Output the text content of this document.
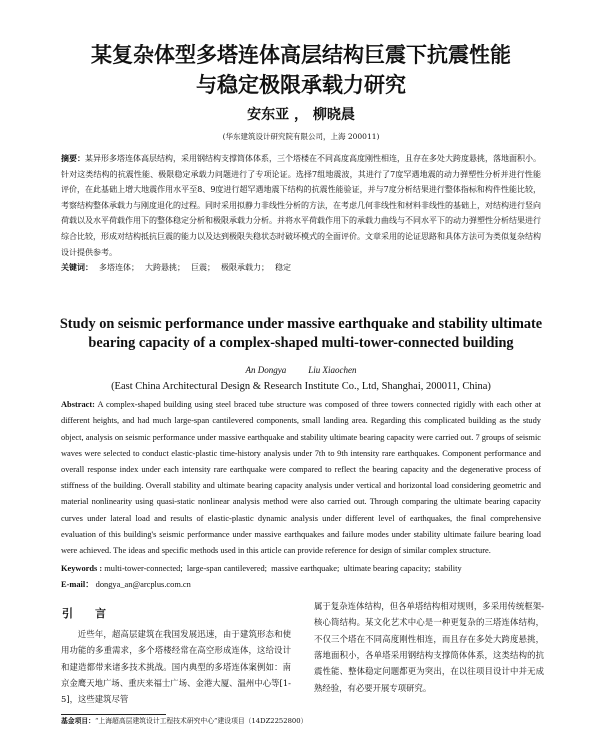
某复杂体型多塔连体高层结构巨震下抗震性能
与稳定极限承载力研究
安东亚 ， 柳晓晨
(华东建筑设计研究院有限公司，上海 200011)
摘要：某异形多塔连体高层结构，采用钢结构支撑筒体体系，三个塔楼在不同高度高度刚性相连，且存在多处大跨度悬挑，落地面积小。针对这类结构的抗震性能、极限稳定承载力问题进行了专项论证。选择7组地震波，其进行了7度罕遇地震的动力弹塑性分析并进行性能评价，在此基础上增大地震作用水平至8、9度进行超罕遇地震下结构的抗震性能验证，并与7度分析结果进行整体指标和构件性能比较，考察结构整体承载力与刚度退化的过程。同时采用拟静力非线性分析的方法，在考虑几何非线性和材料非线性的基础上，对结构进行竖向荷载以及水平荷载作用下的整体稳定分析和极限承载力分析。并将水平荷载作用下的承载力曲线与不同水平下的动力弹塑性分析结果进行综合比较，形成对结构抵抗巨震的能力以及达到极限失稳状态时破坏模式的全面评价。文章采用的论证思路和具体方法可为类似复杂结构设计提供参考。
关键词： 多塔连体； 大跨悬挑； 巨震； 极限承载力； 稳定
Study on seismic performance under massive earthquake and stability ultimate
bearing capacity of a complex-shaped multi-tower-connected building
An Dongya Liu Xiaochen
(East China Architectural Design & Research Institute Co., Ltd, Shanghai, 200011, China)
Abstract: A complex-shaped building using steel braced tube structure was composed of three towers connected rigidly with each other at different heights, and had much large-span cantilevered components, small landing area. Regarding this complicated building as the study object, analysis on seismic performance under massive earthquake and stability ultimate bearing capacity were carried out. 7 groups of seismic waves were selected to conduct elastic-plastic time-history analysis under 7th to 9th intensity rare earthquakes. Component performance and overall response index under each intensity rare earthquake were compared to reflect the bearing capacity and the degenerative process of stiffness of the building. Overall stability and ultimate bearing capacity analysis under vertical and horizontal load considering geometric and material nonlinearity using quasi-static nonlinear analysis method were also carried out. Through comparing the ultimate bearing capacity curves under lateral load and results of elastic-plastic dynamic analysis under different level of earthquakes, the final comprehensive evaluation of this building's seismic performance under massive earthquakes and failure modes under stability ultimate failure bearing load were achieved. The ideas and specific methods used in this article can provide reference for design of similar complex structure.
Keywords : multi-tower-connected ; large-span cantilevered ; massive earthquake ; ultimate bearing capacity ; stability
E-mail： dongya_an@arcplus.com.cn
引言
近些年，超高层建筑在我国发展迅速，由于建筑形态和使用功能的多重需求，多个塔楼经常在高空形成连体，这给设计和建造都带来诸多技术挑战。国内典型的多塔连体案例如：南京金鹰天地广场、重庆来福士广场、金港大厦、温州中心等[1-5]，这些建筑尽管
属于复杂连体结构，但各单塔结构相对规则，多采用传统框架-核心筒结构。某文化艺术中心是一种更复杂的三塔连体结构，不仅三个塔在不同高度刚性相连，而且存在多处大跨度悬挑，落地面积小，各单塔采用钢结构支撑筒体体系，这类结构的抗震性能、整体稳定问题都更为突出，在以往项目设计中并无成熟经验，有必要开展专项研究。
基金项目：“上海超高层建筑设计工程技术研究中心”建设项目（14DZ2252800）
